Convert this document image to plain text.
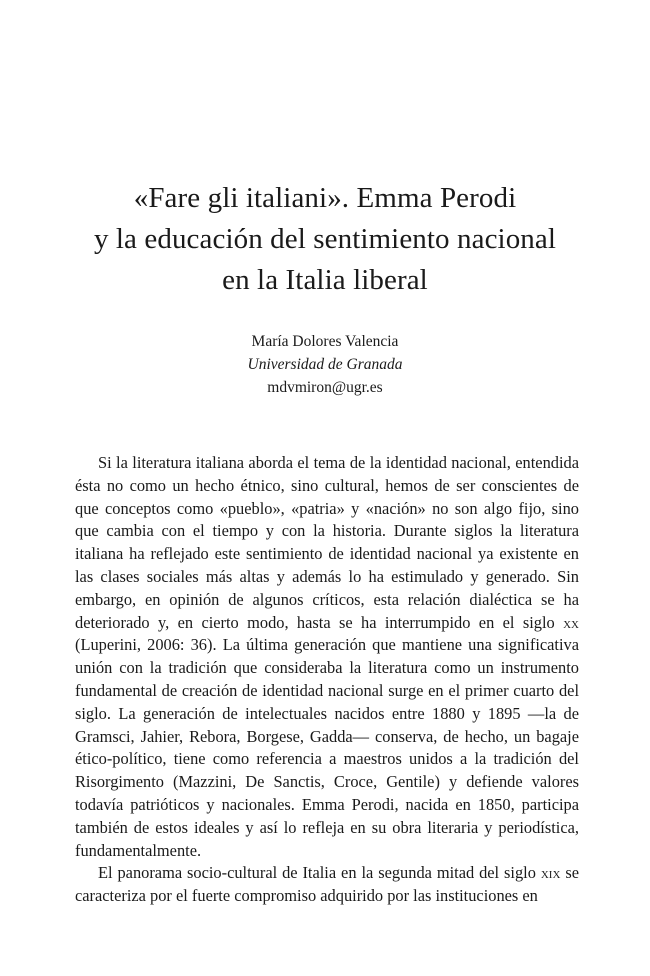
«Fare gli italiani». Emma Perodi
y la educación del sentimiento nacional
en la Italia liberal
María Dolores Valencia
Universidad de Granada
mdvmiron@ugr.es

Si la literatura italiana aborda el tema de la identidad nacional, entendida ésta no como un hecho étnico, sino cultural, hemos de ser conscientes de que conceptos como «pueblo», «patria» y «nación» no son algo fijo, sino que cambia con el tiempo y con la historia. Durante siglos la literatura italiana ha reflejado este sentimiento de identidad nacional ya existente en las clases sociales más altas y además lo ha estimulado y generado. Sin embargo, en opinión de algunos críticos, esta relación dialéctica se ha deteriorado y, en cierto modo, hasta se ha interrumpido en el siglo xx (Luperini, 2006: 36). La última generación que mantiene una significativa unión con la tradición que consideraba la literatura como un instrumento fundamental de creación de identidad nacional surge en el primer cuarto del siglo. La generación de intelectuales nacidos entre 1880 y 1895 —la de Gramsci, Jahier, Rebora, Borgese, Gadda— conserva, de hecho, un bagaje ético-político, tiene como referencia a maestros unidos a la tradición del Risorgimento (Mazzini, De Sanctis, Croce, Gentile) y defiende valores todavía patrióticos y nacionales. Emma Perodi, nacida en 1850, participa también de estos ideales y así lo refleja en su obra literaria y periodística, fundamentalmente.

El panorama socio-cultural de Italia en la segunda mitad del siglo xix se caracteriza por el fuerte compromiso adquirido por las instituciones en
